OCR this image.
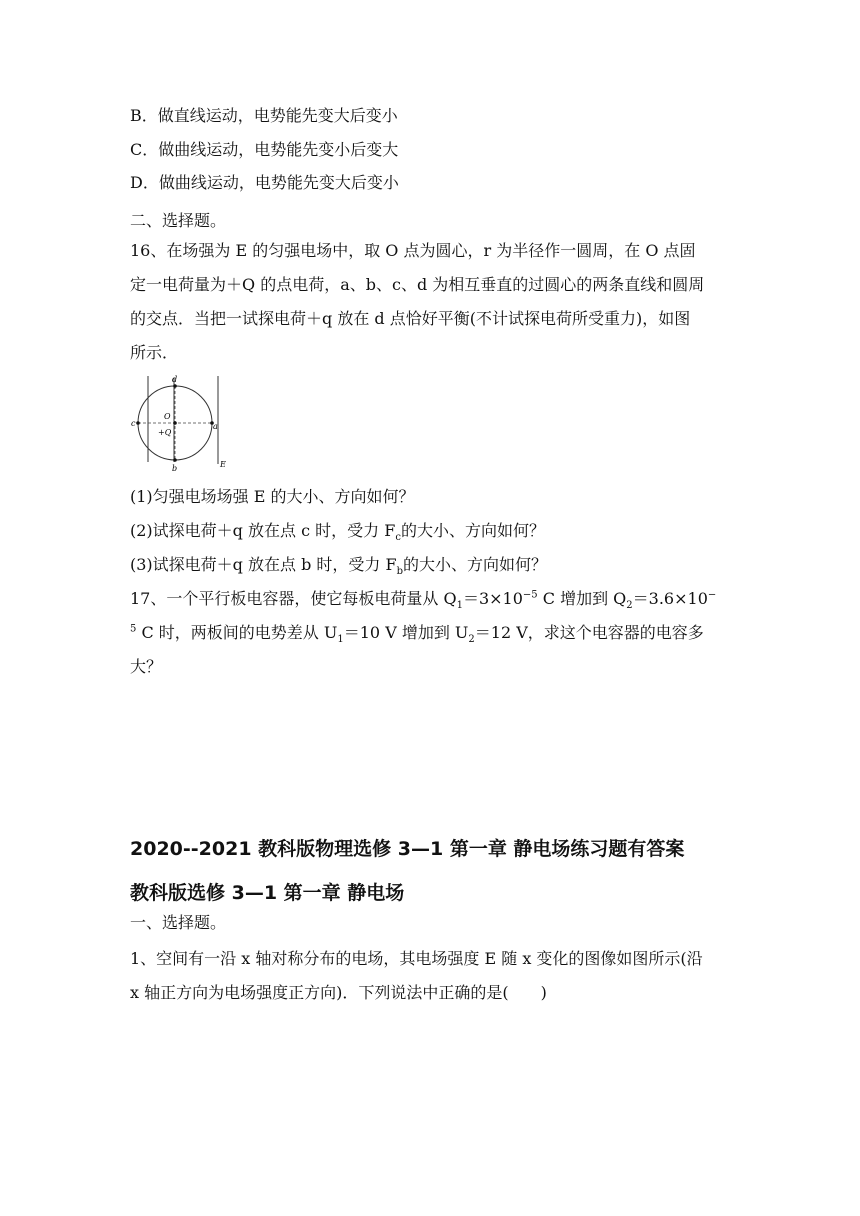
B．做直线运动，电势能先变大后变小

C．做曲线运动，电势能先变小后变大

D．做曲线运动，电势能先变大后变小

二、选择题。

16、在场强为 E 的匀强电场中，取 O 点为圆心，r 为半径作一圆周，在 O 点固

定一电荷量为＋Q 的点电荷，a、b、c、d 为相互垂直的过圆心的两条直线和圆周

的交点．当把一试探电荷＋q 放在 d 点恰好平衡(不计试探电荷所受重力)，如图

所示．

d
b
c	a
O
+Q
E

(1)匀强电场场强 E 的大小、方向如何？

(2)试探电荷＋q 放在点 c 时，受力 $F_c$的大小、方向如何？

(3)试探电荷＋q 放在点 b 时，受力 $F_b$的大小、方向如何？

17、一个平行板电容器，使它每板电荷量从 $Q_1=3\times 10^{-5}$ C 增加到 $Q_2=3.6\times 10^-$

$^5$ C 时，两板间的电势差从 $U_1=10$ V 增加到 $U_2=12$ V，求这个电容器的电容多

大？

2020--2021 教科版物理选修 3—1 第一章 静电场练习题有答案

教科版选修 3—1 第一章 静电场

一、选择题。

1、空间有一沿 x 轴对称分布的电场，其电场强度 E 随 x 变化的图像如图所示(沿

x 轴正方向为电场强度正方向)．下列说法中正确的是(　　)
